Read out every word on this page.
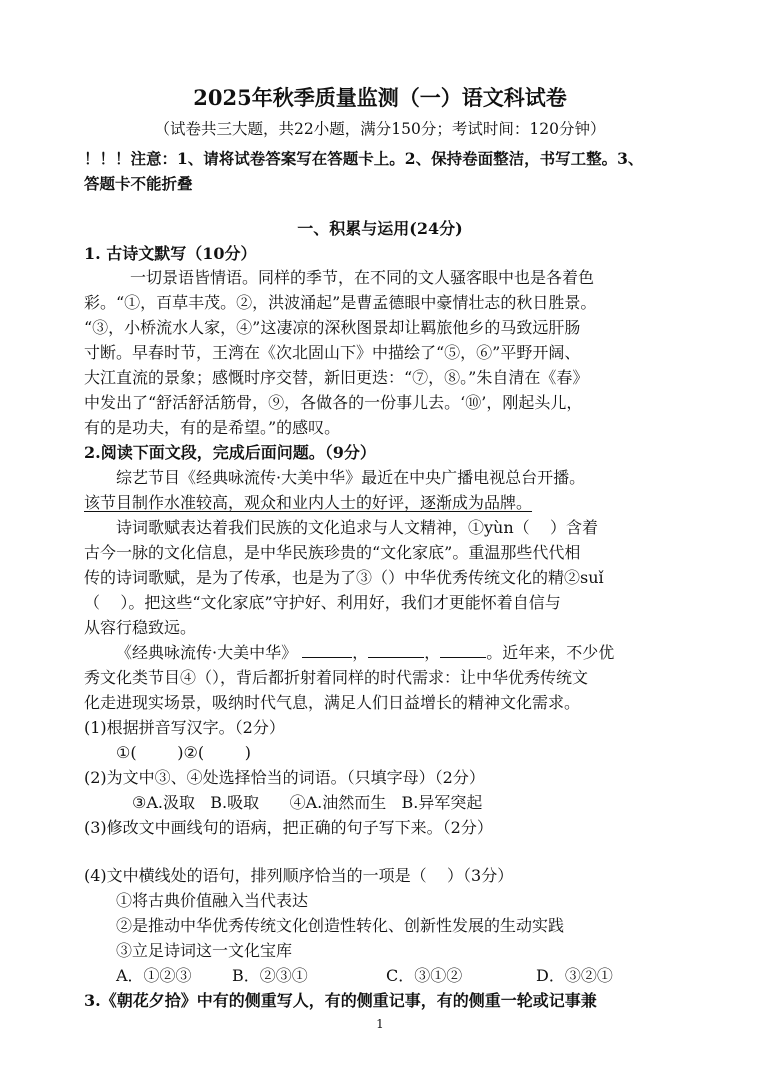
2025年秋季质量监测（一）语文科试卷
（试卷共三大题，共22小题，满分150分；考试时间：120分钟）
！！！注意：1、请将试卷答案写在答题卡上。2、保持卷面整洁，书写工整。3、
答题卡不能折叠
一、积累与运用(24分)
1. 古诗文默写（10分）
一切景语皆情语。同样的季节，在不同的文人骚客眼中也是各着色
彩。“①，百草丰茂。②，洪波涌起”是曹孟德眼中豪情壮志的秋日胜景。
“③，小桥流水人家，④”这凄凉的深秋图景却让羁旅他乡的马致远肝肠
寸断。早春时节，王湾在《次北固山下》中描绘了“⑤，⑥”平野开阔、
大江直流的景象；感慨时序交替，新旧更迭：“⑦，⑧。”朱自清在《春》
中发出了“舒活舒活筋骨，⑨，各做各的一份事儿去。‘⑩’，刚起头儿，
有的是功夫，有的是希望。”的感叹。
2.阅读下面文段，完成后面问题。（9分）
综艺节目《经典咏流传·大美中华》最近在中央广播电视总台开播。
该节目制作水准较高，观众和业内人士的好评，逐渐成为品牌。
诗词歌赋表达着我们民族的文化追求与人文精神，①yùn（    ）含着
古今一脉的文化信息，是中华民族珍贵的“文化家底”。重温那些代代相
传的诗词歌赋，是为了传承，也是为了③（）中华优秀传统文化的精②suǐ
（    ）。把这些“文化家底”守护好、利用好，我们才更能怀着自信与
从容行稳致远。
《经典咏流传·大美中华》	，	，	。近年来，不少优
秀文化类节目④（），背后都折射着同样的时代需求：让中华优秀传统文
化走进现实场景，吸纳时代气息，满足人们日益增长的精神文化需求。
(1)根据拼音写汉字。（2分）
①(        )②(        )
(2)为文中③、④处选择恰当的词语。（只填字母）（2分）
③A.汲取   B.吸取      ④A.油然而生   B.异军突起
(3)修改文中画线句的语病，把正确的句子写下来。（2分）
(4)文中横线处的语句，排列顺序恰当的一项是（    ）（3分）
①将古典价值融入当代表达
②是推动中华优秀传统文化创造性转化、创新性发展的生动实践
③立足诗词这一文化宝库
A．①②③	B．②③①	C．③①②	D．③②①
3.《朝花夕拾》中有的侧重写人，有的侧重记事，有的侧重一轮或记事兼
1
